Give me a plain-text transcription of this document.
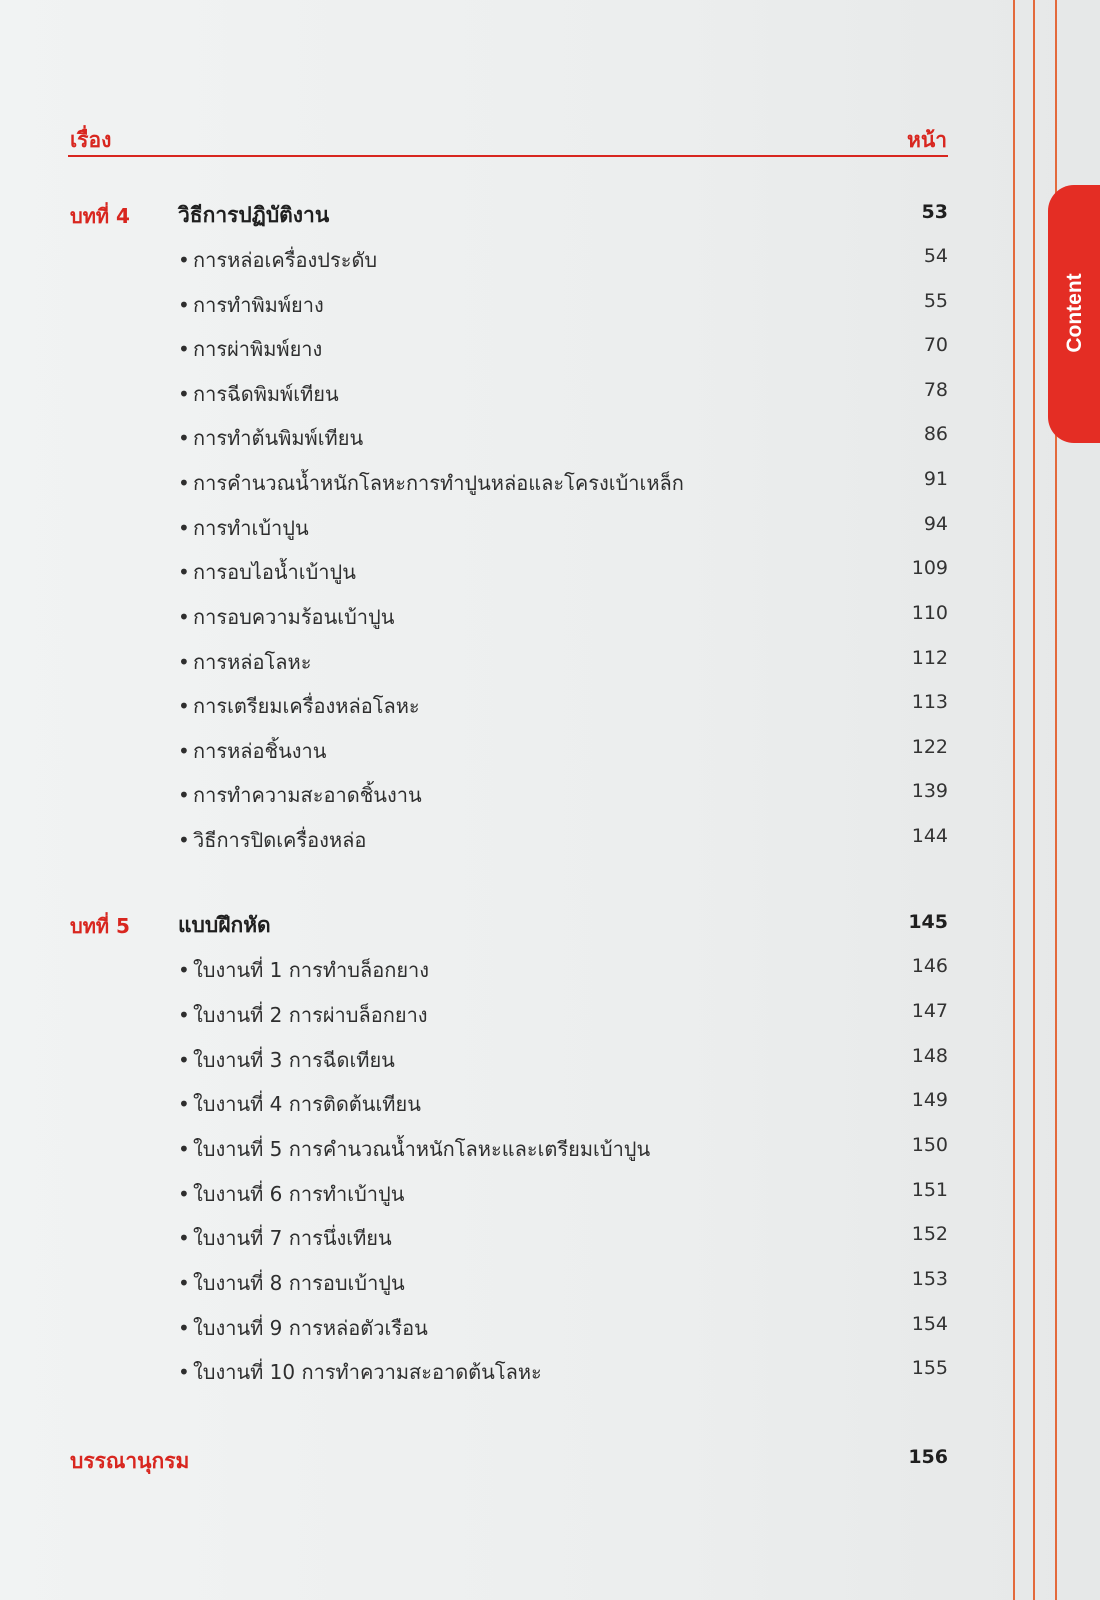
Content
เรื่อง	หน้า
บทที่ 4 วิธีการปฏิบัติงาน	53
• การหล่อเครื่องประดับ	54
• การทำพิมพ์ยาง	55
• การผ่าพิมพ์ยาง	70
• การฉีดพิมพ์เทียน	78
• การทำต้นพิมพ์เทียน	86
• การคำนวณน้ำหนักโลหะการทำปูนหล่อและโครงเบ้าเหล็ก	91
• การทำเบ้าปูน	94
• การอบไอน้ำเบ้าปูน	109
• การอบความร้อนเบ้าปูน	110
• การหล่อโลหะ	112
• การเตรียมเครื่องหล่อโลหะ	113
• การหล่อชิ้นงาน	122
• การทำความสะอาดชิ้นงาน	139
• วิธีการปิดเครื่องหล่อ	144
บทที่ 5 แบบฝึกหัด	145
• ใบงานที่ 1 การทำบล็อกยาง	146
• ใบงานที่ 2 การผ่าบล็อกยาง	147
• ใบงานที่ 3 การฉีดเทียน	148
• ใบงานที่ 4 การติดต้นเทียน	149
• ใบงานที่ 5 การคำนวณน้ำหนักโลหะและเตรียมเบ้าปูน	150
• ใบงานที่ 6 การทำเบ้าปูน	151
• ใบงานที่ 7 การนึ่งเทียน	152
• ใบงานที่ 8 การอบเบ้าปูน	153
• ใบงานที่ 9 การหล่อตัวเรือน	154
• ใบงานที่ 10 การทำความสะอาดต้นโลหะ	155
บรรณานุกรม	156
